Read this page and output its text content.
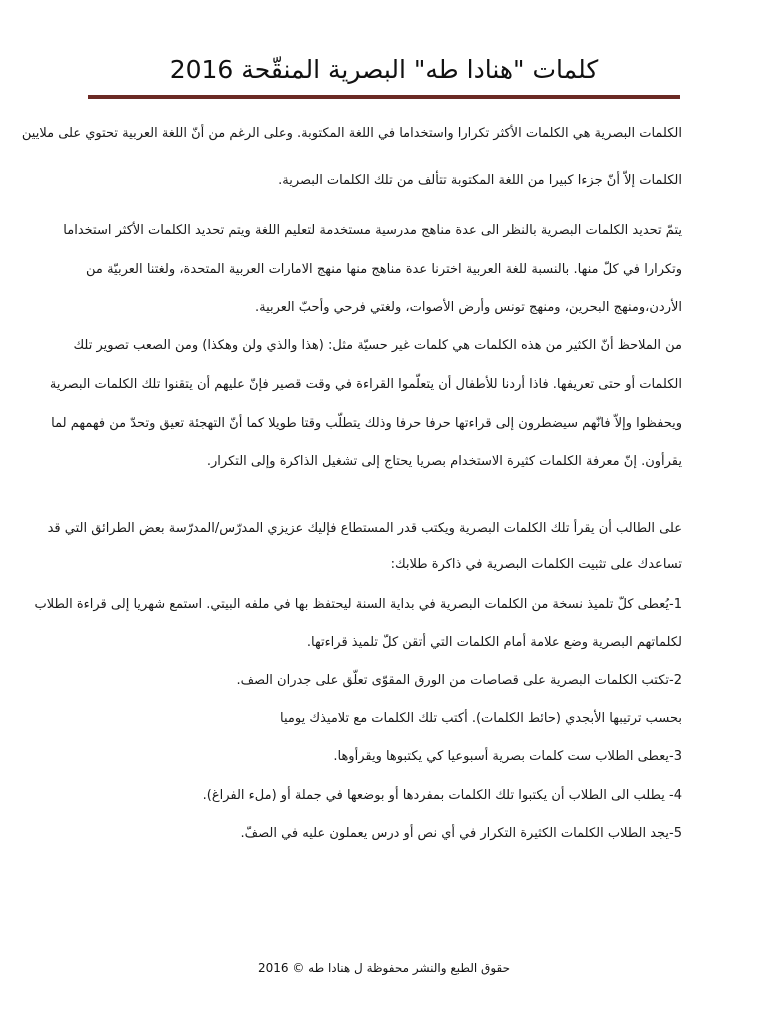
كلمات "هنادا طه" البصرية المنقّحة 2016
الكلمات البصرية هي الكلمات الأكثر تكرارا واستخداما في اللغة المكتوبة. وعلى الرغم من أنّ اللغة العربية تحتوي على ملايين
الكلمات إلاّ أنّ جزءا كبيرا من اللغة المكتوبة تتألف من تلك الكلمات البصرية.
يتمّ تحديد الكلمات البصرية بالنظر الى عدة مناهج مدرسية مستخدمة لتعليم اللغة ويتم تحديد الكلمات الأكثر استخداما
وتكرارا في كلّ منها. بالنسبة للغة العربية اخترنا عدة مناهج منها منهج الامارات العربية المتحدة، ولغتنا العربيّة من
الأردن،ومنهج البحرين، ومنهج تونس وأرض الأصوات، ولغتي فرحي وأحبّ العربية.
من الملاحظ أنّ الكثير من هذه الكلمات هي كلمات غير حسيّة مثل: (هذا والذي ولن وهكذا) ومن الصعب تصوير تلك
الكلمات أو حتى تعريفها. فاذا أردنا للأطفال أن يتعلّموا القراءة في وقت قصير فإنّ عليهم أن يتقنوا تلك الكلمات البصرية
ويحفظوا وإلاّ فانّهم سيضطرون إلى قراءتها حرفا حرفا وذلك يتطلّب وقتا طويلا كما أنّ التهجئة تعيق وتحدّ من فهمهم لما
يقرأون. إنّ معرفة الكلمات كثيرة الاستخدام بصريا يحتاج إلى تشغيل الذاكرة وإلى التكرار.
على الطالب أن يقرأ تلك الكلمات البصرية ويكتب قدر المستطاع فإليك عزيزي المدرّس/المدرّسة بعض الطرائق التي قد
تساعدك على تثبيت الكلمات البصرية في ذاكرة طلابك:
1-يُعطى كلّ تلميذ نسخة من الكلمات البصرية في بداية السنة ليحتفظ بها في ملفه البيتي. استمع شهريا إلى قراءة الطلاب
لكلماتهم البصرية وضع علامة أمام الكلمات التي أتقن كلّ تلميذ قراءتها.
2-تكتب الكلمات البصرية على قصاصات من الورق المقوّى تعلّق على جدران الصف.
بحسب ترتيبها الأبجدي (حائط الكلمات). أكتب تلك الكلمات مع تلاميذك يوميا
3-يعطى الطلاب ست كلمات بصرية أسبوعيا كي يكتبوها ويقرأوها.
4- يطلب الى الطلاب أن يكتبوا تلك الكلمات بمفردها أو بوضعها في جملة أو (ملء الفراغ).
5-يجد الطلاب الكلمات الكثيرة التكرار في أي نص أو درس يعملون عليه في الصفّ.
حقوق الطبع والنشر محفوظة ل هنادا طه © 2016
